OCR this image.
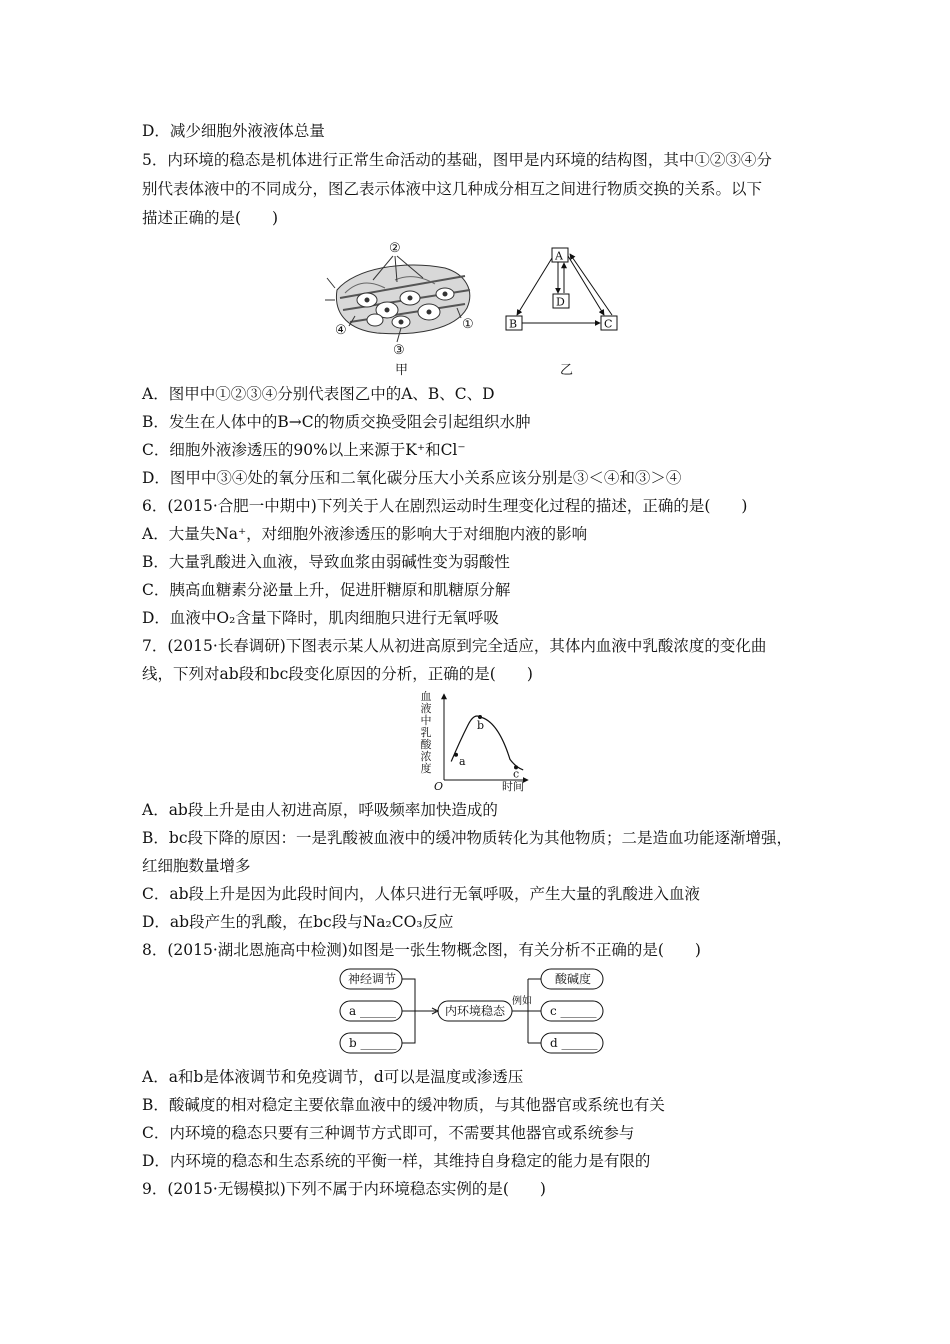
D．减少细胞外液液体总量
5．内环境的稳态是机体进行正常生命活动的基础，图甲是内环境的结构图，其中①②③④分
别代表体液中的不同成分，图乙表示体液中这几种成分相互之间进行物质交换的关系。以下
描述正确的是(　　)
②
①
④
③
甲
A
D
B	C
乙
A．图甲中①②③④分别代表图乙中的A、B、C、D
B．发生在人体中的B→C的物质交换受阻会引起组织水肿
C．细胞外液渗透压的90%以上来源于K⁺和Cl⁻
D．图甲中③④处的氧分压和二氧化碳分压大小关系应该分别是③＜④和③＞④
6．(2015·合肥一中期中)下列关于人在剧烈运动时生理变化过程的描述，正确的是(　　)
A．大量失Na⁺，对细胞外液渗透压的影响大于对细胞内液的影响
B．大量乳酸进入血液，导致血浆由弱碱性变为弱酸性
C．胰高血糖素分泌量上升，促进肝糖原和肌糖原分解
D．血液中O₂含量下降时，肌肉细胞只进行无氧呼吸
7．(2015·长春调研)下图表示某人从初进高原到完全适应，其体内血液中乳酸浓度的变化曲
线，下列对ab段和bc段变化原因的分析，正确的是(　　)
血
液
中
乳
酸
浓
度
O	时间
a
b
c
A．ab段上升是由人初进高原，呼吸频率加快造成的
B．bc段下降的原因：一是乳酸被血液中的缓冲物质转化为其他物质；二是造血功能逐渐增强，
红细胞数量增多
C．ab段上升是因为此段时间内，人体只进行无氧呼吸，产生大量的乳酸进入血液
D．ab段产生的乳酸，在bc段与Na₂CO₃反应
8．(2015·湖北恩施高中检测)如图是一张生物概念图，有关分析不正确的是(　　)
神经调节
a ______
b ______
内环境稳态
例如
酸碱度
c ______
d ______
A．a和b是体液调节和免疫调节，d可以是温度或渗透压
B．酸碱度的相对稳定主要依靠血液中的缓冲物质，与其他器官或系统也有关
C．内环境的稳态只要有三种调节方式即可，不需要其他器官或系统参与
D．内环境的稳态和生态系统的平衡一样，其维持自身稳定的能力是有限的
9．(2015·无锡模拟)下列不属于内环境稳态实例的是(　　)
